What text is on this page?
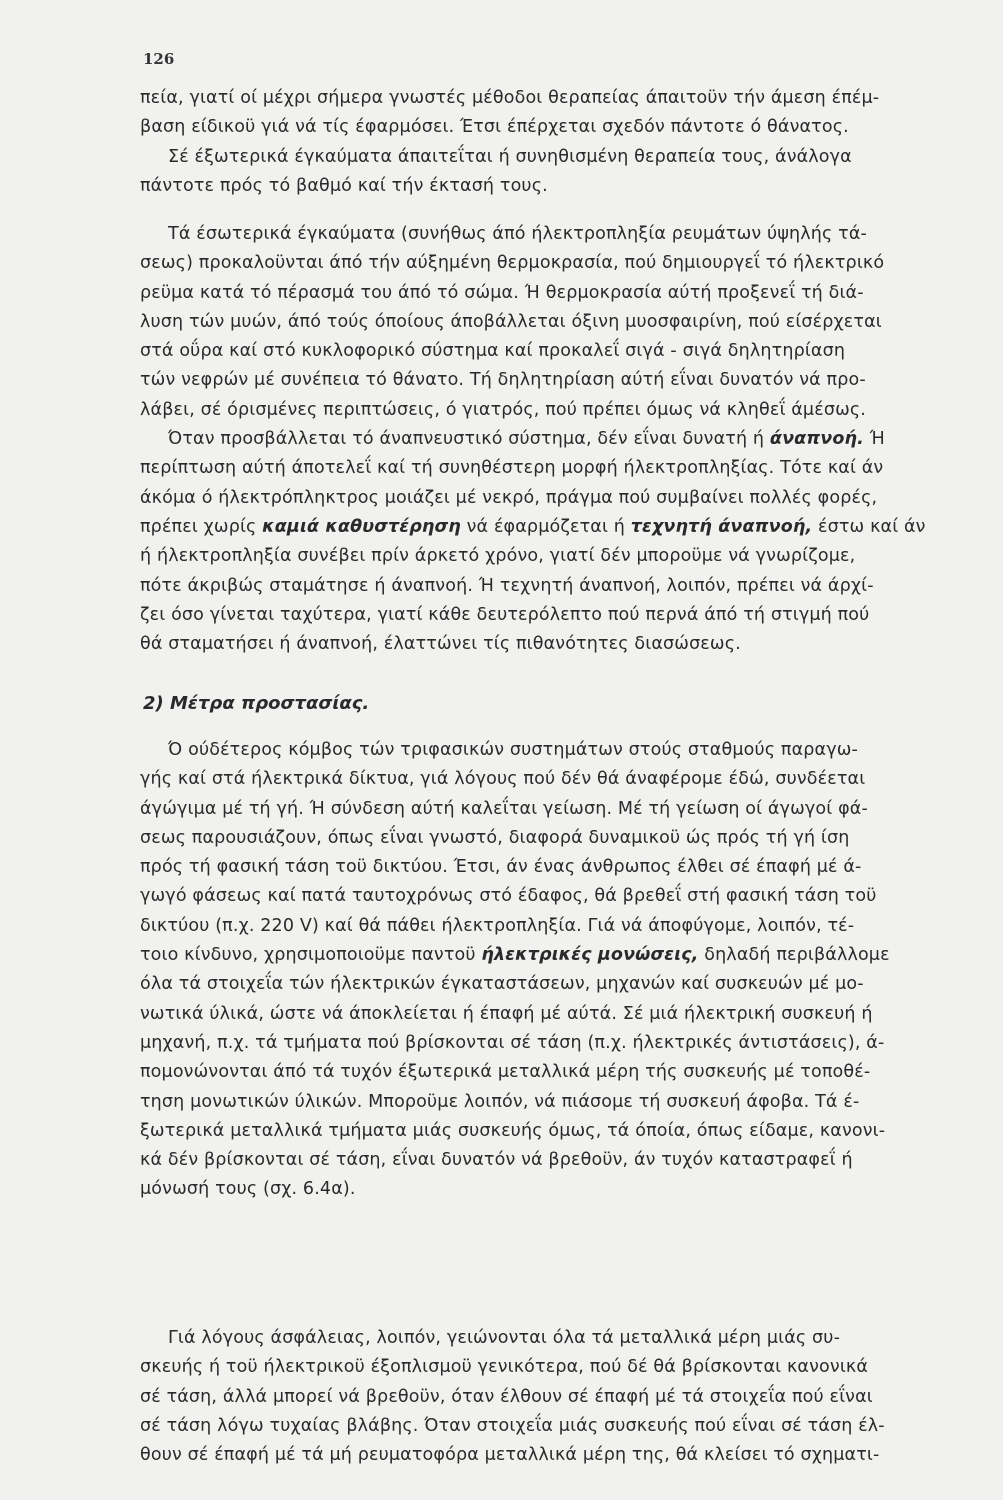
126
πεία, γιατί οί μέχρι σήμερα γνωστές μέθοδοι θεραπείας άπαιτοϋν τήν άμεση έπέμ-
βαση είδικοϋ γιά νά τίς έφαρμόσει. Έτσι έπέρχεται σχεδόν πάντοτε ό θάνατος.
Σέ έξωτερικά έγκαύματα άπαιτεΐται ή συνηθισμένη θεραπεία τους, άνάλογα
πάντοτε πρός τό βαθμό καί τήν έκτασή τους.
Τά έσωτερικά έγκαύματα (συνήθως άπό ήλεκτροπληξία ρευμάτων ύψηλής τά-
σεως) προκαλοϋνται άπό τήν αύξημένη θερμοκρασία, πού δημιουργεΐ τό ήλεκτρικό
ρεϋμα κατά τό πέρασμά του άπό τό σώμα. Ή θερμοκρασία αύτή προξενεΐ τή διά-
λυση τών μυών, άπό τούς όποίους άποβάλλεται όξινη μυοσφαιρίνη, πού είσέρχεται
στά οΰρα καί στό κυκλοφορικό σύστημα καί προκαλεΐ σιγά - σιγά δηλητηρίαση
τών νεφρών μέ συνέπεια τό θάνατο. Τή δηλητηρίαση αύτή εΐναι δυνατόν νά προ-
λάβει, σέ όρισμένες περιπτώσεις, ό γιατρός, πού πρέπει όμως νά κληθεΐ άμέσως.
Όταν προσβάλλεται τό άναπνευστικό σύστημα, δέν εΐναι δυνατή ή άναπνοή. Ή
περίπτωση αύτή άποτελεΐ καί τή συνηθέστερη μορφή ήλεκτροπληξίας. Τότε καί άν
άκόμα ό ήλεκτρόπληκτρος μοιάζει μέ νεκρό, πράγμα πού συμβαίνει πολλές φορές,
πρέπει χωρίς καμιά καθυστέρηση νά έφαρμόζεται ή τεχνητή άναπνοή, έστω καί άν
ή ήλεκτροπληξία συνέβει πρίν άρκετό χρόνο, γιατί δέν μποροϋμε νά γνωρίζομε,
πότε άκριβώς σταμάτησε ή άναπνοή. Ή τεχνητή άναπνοή, λοιπόν, πρέπει νά άρχί-
ζει όσο γίνεται ταχύτερα, γιατί κάθε δευτερόλεπτο πού περνά άπό τή στιγμή πού
θά σταματήσει ή άναπνοή, έλαττώνει τίς πιθανότητες διασώσεως.
2) Μέτρα προστασίας.
Ό ούδέτερος κόμβος τών τριφασικών συστημάτων στούς σταθμούς παραγω-
γής καί στά ήλεκτρικά δίκτυα, γιά λόγους πού δέν θά άναφέρομε έδώ, συνδέεται
άγώγιμα μέ τή γή. Ή σύνδεση αύτή καλεΐται γείωση. Μέ τή γείωση οί άγωγοί φά-
σεως παρουσιάζουν, όπως εΐναι γνωστό, διαφορά δυναμικοϋ ώς πρός τή γή ίση
πρός τή φασική τάση τοϋ δικτύου. Έτσι, άν ένας άνθρωπος έλθει σέ έπαφή μέ ά-
γωγό φάσεως καί πατά ταυτοχρόνως στό έδαφος, θά βρεθεΐ στή φασική τάση τοϋ
δικτύου (π.χ. 220 V) καί θά πάθει ήλεκτροπληξία. Γιά νά άποφύγομε, λοιπόν, τέ-
τοιο κίνδυνο, χρησιμοποιοϋμε παντοϋ ήλεκτρικές μονώσεις, δηλαδή περιβάλλομε
όλα τά στοιχεΐα τών ήλεκτρικών έγκαταστάσεων, μηχανών καί συσκευών μέ μο-
νωτικά ύλικά, ώστε νά άποκλείεται ή έπαφή μέ αύτά. Σέ μιά ήλεκτρική συσκευή ή
μηχανή, π.χ. τά τμήματα πού βρίσκονται σέ τάση (π.χ. ήλεκτρικές άντιστάσεις), ά-
πομονώνονται άπό τά τυχόν έξωτερικά μεταλλικά μέρη τής συσκευής μέ τοποθέ-
τηση μονωτικών ύλικών. Μποροϋμε λοιπόν, νά πιάσομε τή συσκευή άφοβα. Τά έ-
ξωτερικά μεταλλικά τμήματα μιάς συσκευής όμως, τά όποία, όπως είδαμε, κανονι-
κά δέν βρίσκονται σέ τάση, εΐναι δυνατόν νά βρεθοϋν, άν τυχόν καταστραφεΐ ή
μόνωσή τους (σχ. 6.4α).
Γιά λόγους άσφάλειας, λοιπόν, γειώνονται όλα τά μεταλλικά μέρη μιάς συ-
σκευής ή τοϋ ήλεκτρικοϋ έξοπλισμοϋ γενικότερα, πού δέ θά βρίσκονται κανονικά
σέ τάση, άλλά μπορεί νά βρεθοϋν, όταν έλθουν σέ έπαφή μέ τά στοιχεΐα πού εΐναι
σέ τάση λόγω τυχαίας βλάβης. Όταν στοιχεΐα μιάς συσκευής πού εΐναι σέ τάση έλ-
θουν σέ έπαφή μέ τά μή ρευματοφόρα μεταλλικά μέρη της, θά κλείσει τό σχηματι-
